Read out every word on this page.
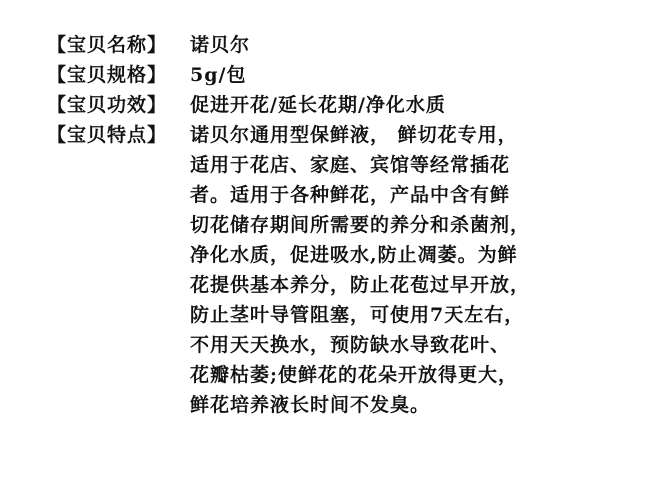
【宝贝名称】	诺贝尔
【宝贝规格】	5g/包
【宝贝功效】	促进开花/延长花期/净化水质
【宝贝特点】	诺贝尔通用型保鲜液， 鲜切花专用，
适用于花店、家庭、宾馆等经常插花
者。适用于各种鲜花，产品中含有鲜
切花储存期间所需要的养分和杀菌剂，
净化水质，促进吸水,防止凋萎。为鲜
花提供基本养分，防止花苞过早开放，
防止茎叶导管阻塞，可使用7天左右，
不用天天换水，预防缺水导致花叶、
花瓣枯萎;使鲜花的花朵开放得更大，
鲜花培养液长时间不发臭。
